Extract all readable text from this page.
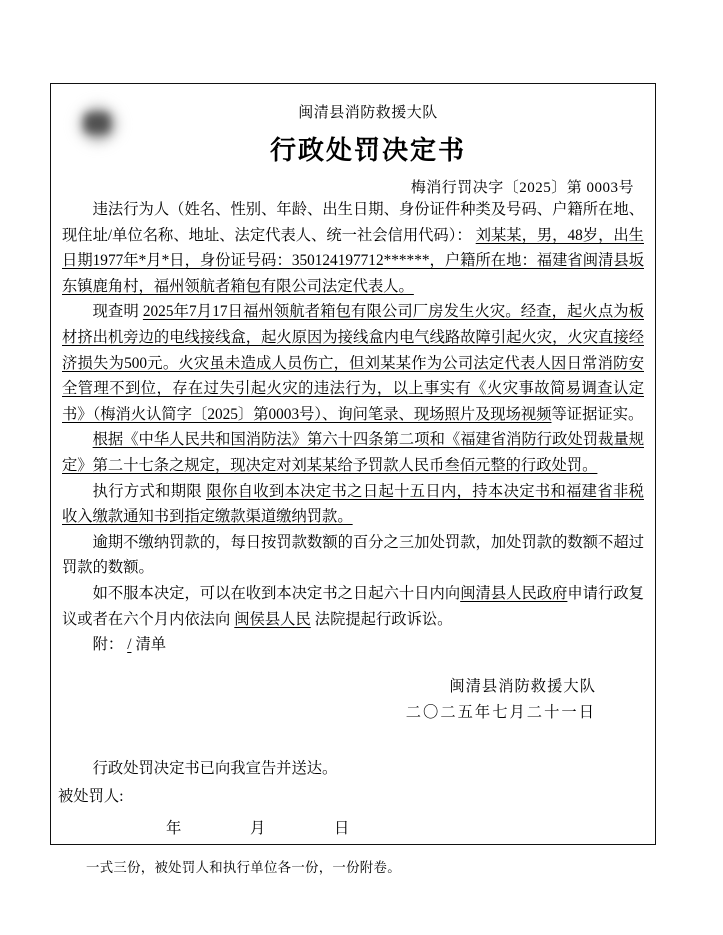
闽清县消防救援大队
行政处罚决定书
梅消行罚决字〔2025〕第 0003号

违法行为人（姓名、性别、年龄、出生日期、身份证件种类及号码、户籍所在地、现住址/单位名称、地址、法定代表人、统一社会信用代码）： 刘某某，男，48岁，出生日期1977年*月*日，身份证号码：350124197712******，户籍所在地：福建省闽清县坂东镇鹿角村，福州领航者箱包有限公司法定代表人。

现查明 2025年7月17日福州领航者箱包有限公司厂房发生火灾。经查，起火点为板材挤出机旁边的电线接线盒，起火原因为接线盒内电气线路故障引起火灾，火灾直接经济损失为500元。火灾虽未造成人员伤亡，但刘某某作为公司法定代表人因日常消防安全管理不到位，存在过失引起火灾的违法行为，以上事实有《火灾事故简易调查认定书》（梅消火认简字〔2025〕第0003号）、询问笔录、现场照片及现场视频等证据证实。

根据《中华人民共和国消防法》第六十四条第二项和《福建省消防行政处罚裁量规定》第二十七条之规定，现决定对刘某某给予罚款人民币叁佰元整的行政处罚。

执行方式和期限 限你自收到本决定书之日起十五日内，持本决定书和福建省非税收入缴款通知书到指定缴款渠道缴纳罚款。

逾期不缴纳罚款的，每日按罚款数额的百分之三加处罚款，加处罚款的数额不超过罚款的数额。

如不服本决定，可以在收到本决定书之日起六十日内向闽清县人民政府申请行政复议或者在六个月内依法向 闽侯县人民 法院提起行政诉讼。

附： / 清单

闽清县消防救援大队
二〇二五年七月二十一日
行政处罚决定书已向我宣告并送达。
被处罚人:
年	月	日
一式三份，被处罚人和执行单位各一份，一份附卷。
